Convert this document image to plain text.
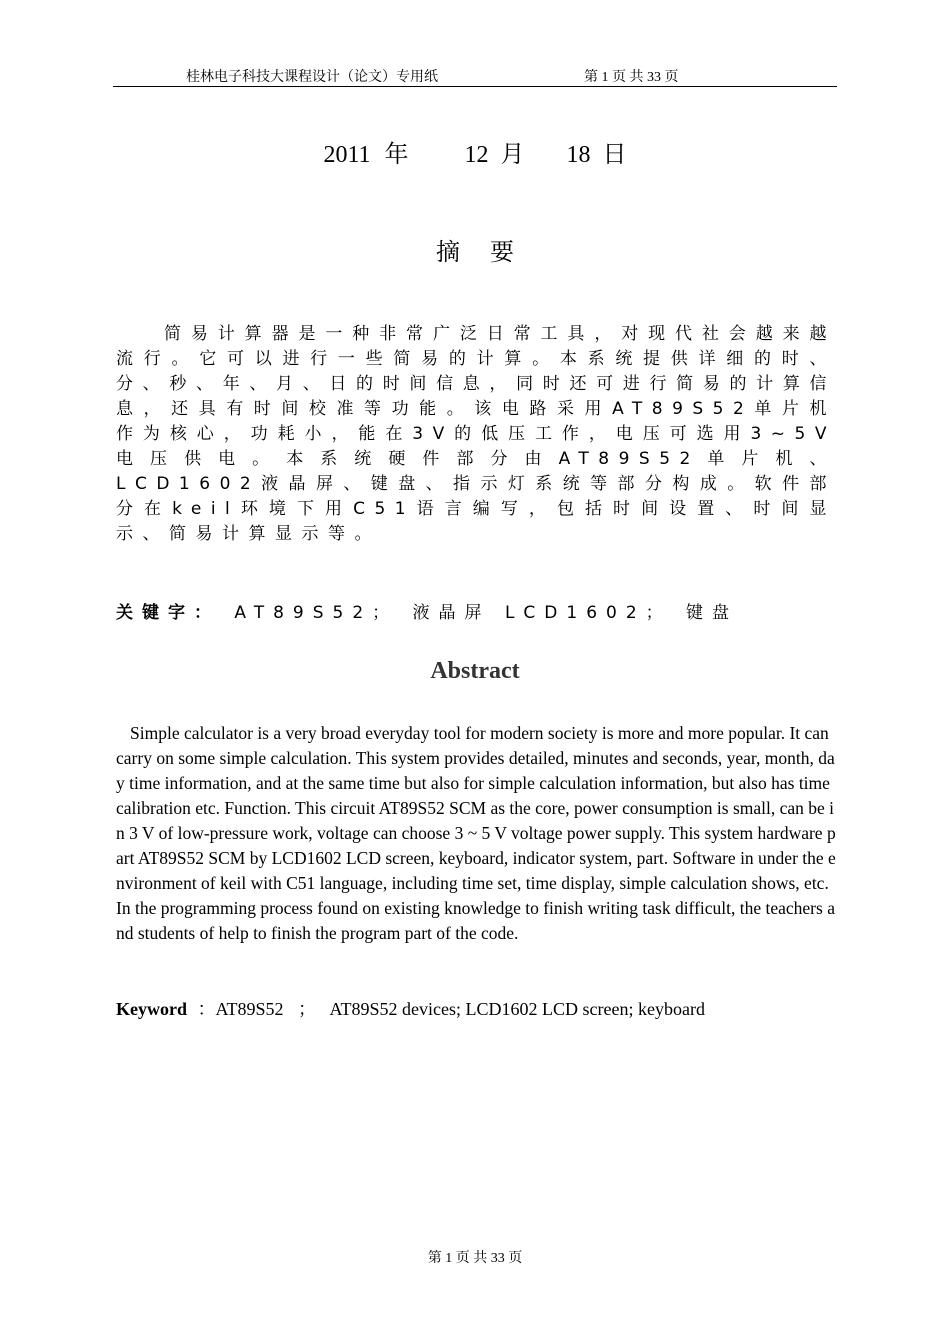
桂林电子科技大课程设计（论文）专用纸	第 1 页 共 33 页
2011 年 12 月 18 日
摘要
简易计算器是一种非常广泛日常工具，对现代社会越来越流行。它可以进行一些简易的计算。本系统提供详细的时、分、秒、年、月、日的时间信息，同时还可进行简易的计算信息，还具有时间校准等功能。该电路采用AT89S52单片机作为核心，功耗小，能在3V的低压工作，电压可选用3~5V电压供电。本系统硬件部分由AT89S52单片机、LCD1602液晶屏、键盘、指示灯系统等部分构成。软件部分在keil环境下用C51语言编写，包括时间设置、时间显示、简易计算显示等。
关键字： AT89S52； 液晶屏 LCD1602； 键盘
Abstract
Simple calculator is a very broad everyday tool for modern society is more and more popular. It can carry on some simple calculation. This system provides detailed, minutes and seconds, year, month, day time information, and at the same time but also for simple calculation information, but also has time calibration etc. Function. This circuit AT89S52 SCM as the core, power consumption is small, can be in 3 V of low-pressure work, voltage can choose 3 ~ 5 V voltage power supply. This system hardware part AT89S52 SCM by LCD1602 LCD screen, keyboard, indicator system, part. Software in under the environment of keil with C51 language, including time set, time display, simple calculation shows, etc. In the programming process found on existing knowledge to finish writing task difficult, the teachers and students of help to finish the program part of the code.
Keyword ：AT89S52 ； AT89S52 devices; LCD1602 LCD screen; keyboard
第 1 页 共 33 页
